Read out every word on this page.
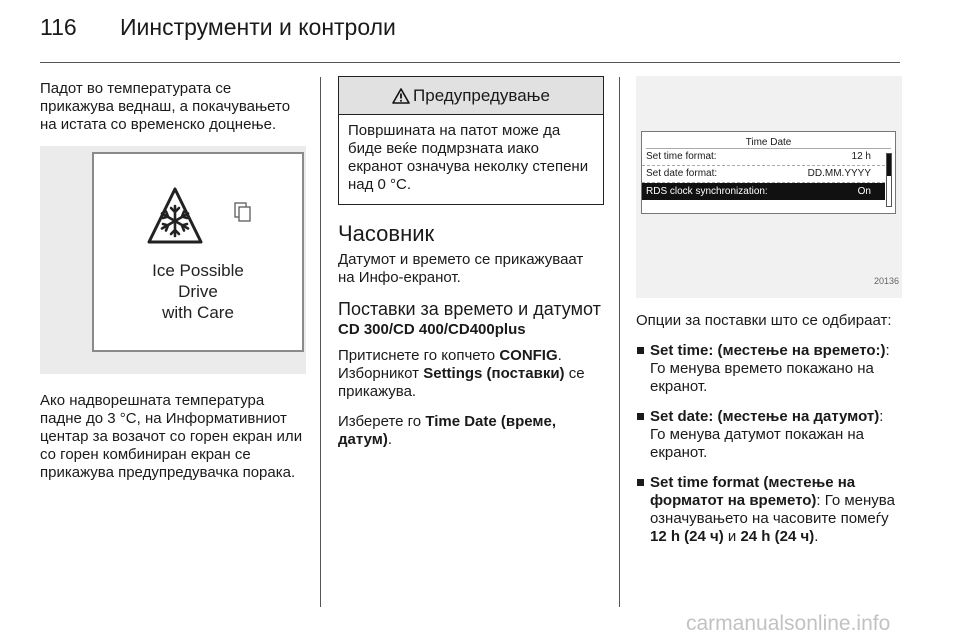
116 Иинструменти и контроли

Падот во температурата се прикажува веднаш, а покачувањето на истата со временско доцнење.

Ice Possible
Drive
with Care

Ако надворешната температура падне до 3 °C, на Информативниот центар за возачот со горен екран или со горен комбиниран екран се прикажува предупредувачка порака.

Предупредување
Површината на патот може да биде веќе подмрзната иако екранот означува неколку степени над 0 °C.
Часовник

Датумот и времето се прикажуваат на Инфо-екранот.

Поставки за времето и датумот
CD 300/CD 400/CD400plus

Притиснете го копчето CONFIG.
Изборникот Settings (поставки) се прикажува.

Изберете го Time Date (време, датум).

Time Date
Set time format:	12 h
Set date format:	DD.MM.YYYY
RDS clock synchronization:	On
20136

Опции за поставки што се одбираат:

Set time: (местење на времето:): Го менува времето покажано на екранот.
Set date: (местење на датумот): Го менува датумот покажан на екранот.
Set time format (местење на форматот на времето): Го менува означувањето на часовите помеѓу 12 h (24 ч) и 24 h (24 ч).
carmanualsonline.info
